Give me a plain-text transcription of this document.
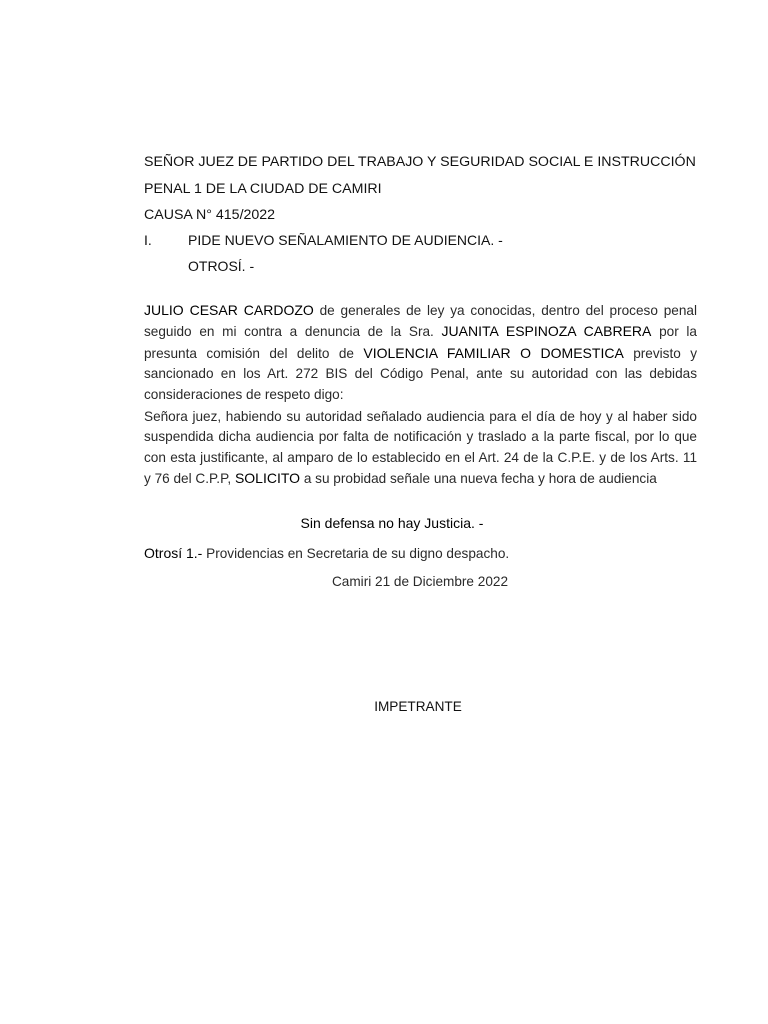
SEÑOR JUEZ DE PARTIDO DEL TRABAJO Y SEGURIDAD SOCIAL E INSTRUCCIÓN
PENAL 1 DE LA CIUDAD DE CAMIRI
CAUSA N° 415/2022
I.	PIDE NUEVO SEÑALAMIENTO DE AUDIENCIA. -
OTROSÍ. -
JULIO CESAR CARDOZO de generales de ley ya conocidas, dentro del proceso penal seguido en mi contra a denuncia de la Sra. JUANITA ESPINOZA CABRERA por la presunta comisión del delito de VIOLENCIA FAMILIAR O DOMESTICA previsto y sancionado en los Art. 272 BIS del Código Penal, ante su autoridad con las debidas consideraciones de respeto digo:
Señora juez, habiendo su autoridad señalado audiencia para el día de hoy y al haber sido suspendida dicha audiencia por falta de notificación y traslado a la parte fiscal, por lo que con esta justificante, al amparo de lo establecido en el Art. 24 de la C.P.E. y de los Arts. 11 y 76 del C.P.P, SOLICITO a su probidad señale una nueva fecha y hora de audiencia
Sin defensa no hay Justicia. -
Otrosí 1.- Providencias en Secretaria de su digno despacho.
Camiri 21 de Diciembre 2022
IMPETRANTE
